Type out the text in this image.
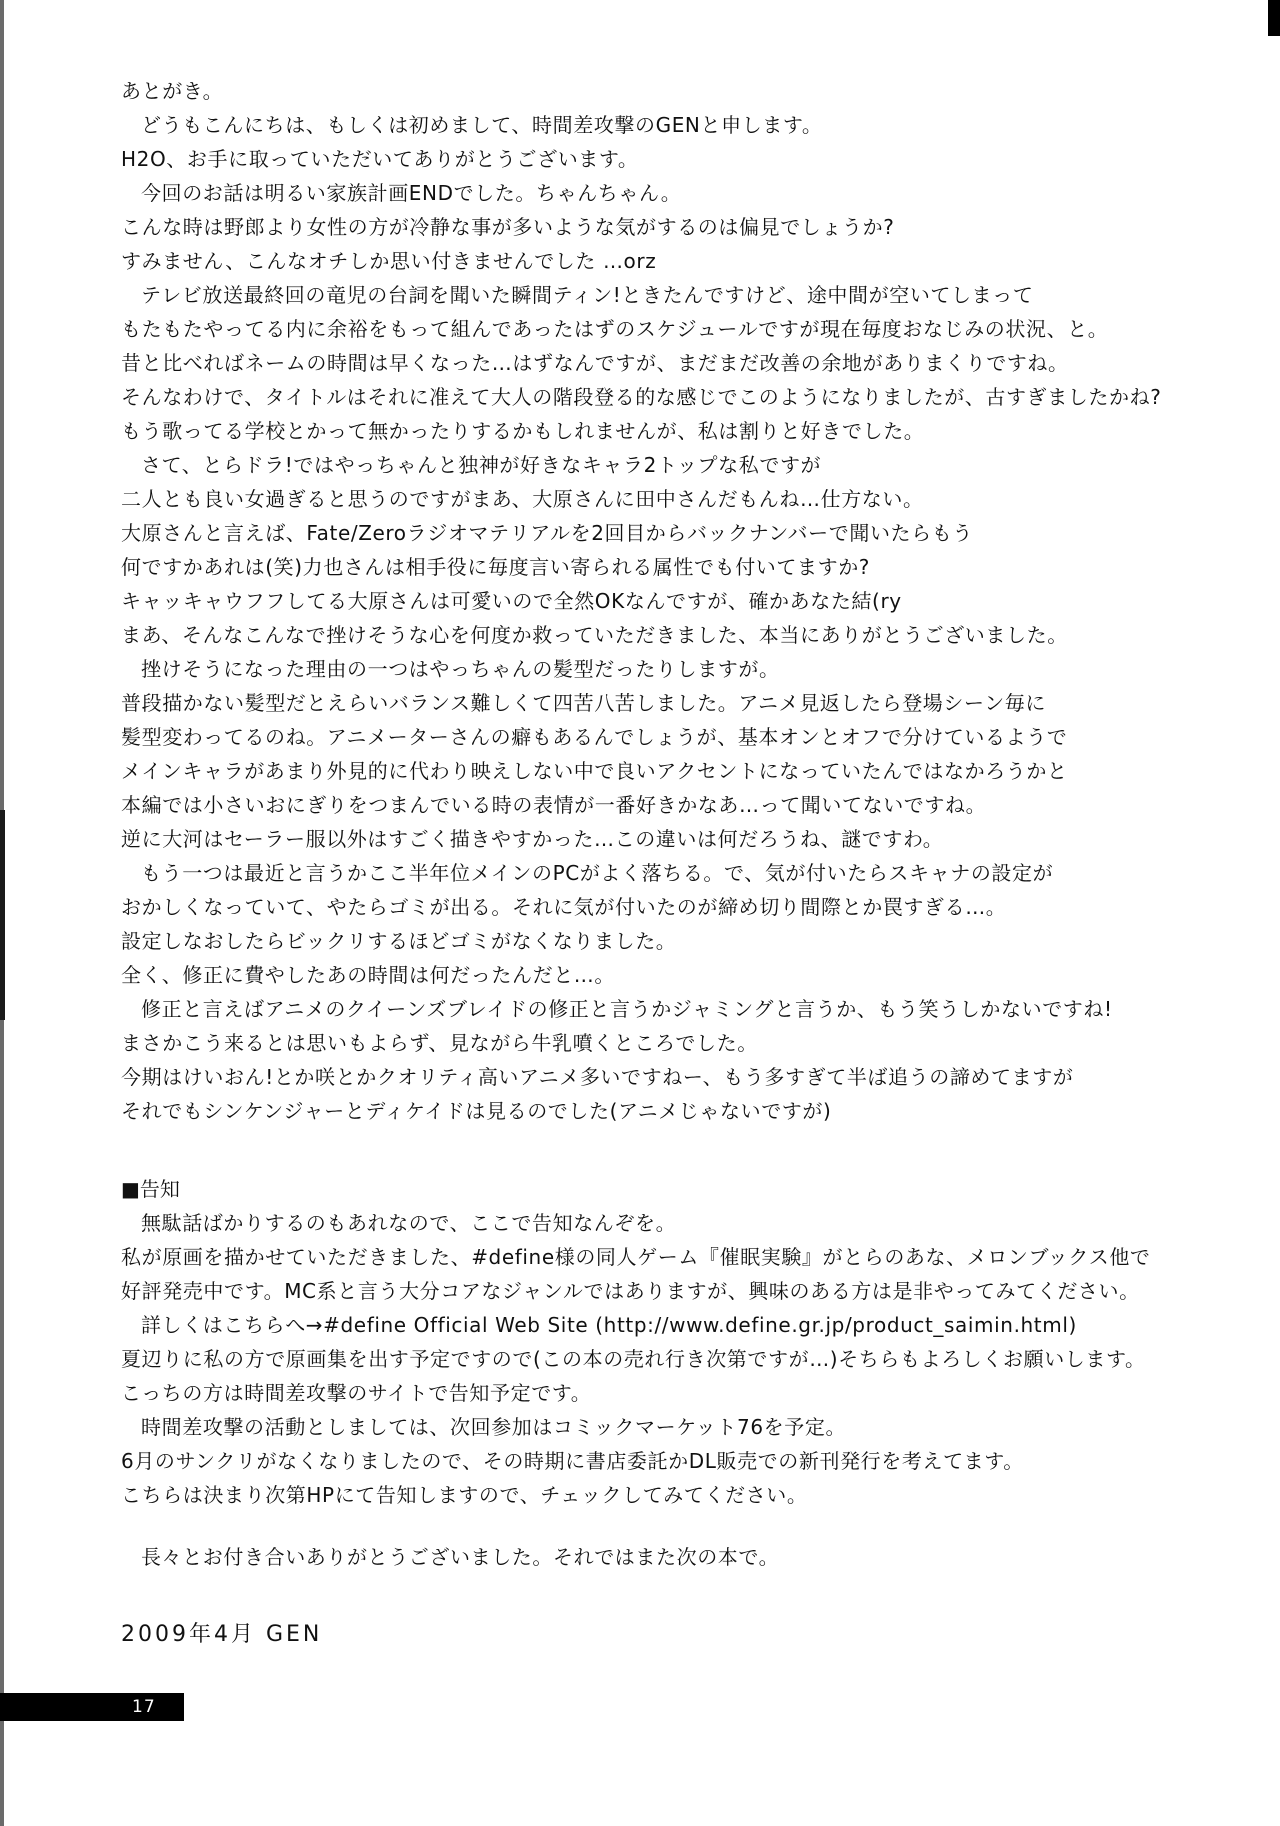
あとがき。
どうもこんにちは、もしくは初めまして、時間差攻撃のGENと申します。
H2O、お手に取っていただいてありがとうございます。
今回のお話は明るい家族計画ENDでした。ちゃんちゃん。
こんな時は野郎より女性の方が冷静な事が多いような気がするのは偏見でしょうか?
すみません、こんなオチしか思い付きませんでした …orz
テレビ放送最終回の竜児の台詞を聞いた瞬間ティン!ときたんですけど、途中間が空いてしまって
もたもたやってる内に余裕をもって組んであったはずのスケジュールですが現在毎度おなじみの状況、と。
昔と比べればネームの時間は早くなった…はずなんですが、まだまだ改善の余地がありまくりですね。
そんなわけで、タイトルはそれに准えて大人の階段登る的な感じでこのようになりましたが、古すぎましたかね?
もう歌ってる学校とかって無かったりするかもしれませんが、私は割りと好きでした。
さて、とらドラ!ではやっちゃんと独神が好きなキャラ2トップな私ですが
二人とも良い女過ぎると思うのですがまあ、大原さんに田中さんだもんね…仕方ない。
大原さんと言えば、Fate/Zeroラジオマテリアルを2回目からバックナンバーで聞いたらもう
何ですかあれは(笑)力也さんは相手役に毎度言い寄られる属性でも付いてますか?
キャッキャウフフしてる大原さんは可愛いので全然OKなんですが、確かあなた結(ry
まあ、そんなこんなで挫けそうな心を何度か救っていただきました、本当にありがとうございました。
挫けそうになった理由の一つはやっちゃんの髪型だったりしますが。
普段描かない髪型だとえらいバランス難しくて四苦八苦しました。アニメ見返したら登場シーン毎に
髪型変わってるのね。アニメーターさんの癖もあるんでしょうが、基本オンとオフで分けているようで
メインキャラがあまり外見的に代わり映えしない中で良いアクセントになっていたんではなかろうかと
本編では小さいおにぎりをつまんでいる時の表情が一番好きかなあ…って聞いてないですね。
逆に大河はセーラー服以外はすごく描きやすかった…この違いは何だろうね、謎ですわ。
もう一つは最近と言うかここ半年位メインのPCがよく落ちる。で、気が付いたらスキャナの設定が
おかしくなっていて、やたらゴミが出る。それに気が付いたのが締め切り間際とか罠すぎる…。
設定しなおしたらビックリするほどゴミがなくなりました。
全く、修正に費やしたあの時間は何だったんだと…。
修正と言えばアニメのクイーンズブレイドの修正と言うかジャミングと言うか、もう笑うしかないですね!
まさかこう来るとは思いもよらず、見ながら牛乳噴くところでした。
今期はけいおん!とか咲とかクオリティ高いアニメ多いですねー、もう多すぎて半ば追うの諦めてますが
それでもシンケンジャーとディケイドは見るのでした(アニメじゃないですが)
■告知
無駄話ばかりするのもあれなので、ここで告知なんぞを。
私が原画を描かせていただきました、#define様の同人ゲーム『催眠実験』がとらのあな、メロンブックス他で
好評発売中です。MC系と言う大分コアなジャンルではありますが、興味のある方は是非やってみてください。
詳しくはこちらへ→#define Official Web Site (http://www.define.gr.jp/product_saimin.html)
夏辺りに私の方で原画集を出す予定ですので(この本の売れ行き次第ですが…)そちらもよろしくお願いします。
こっちの方は時間差攻撃のサイトで告知予定です。
時間差攻撃の活動としましては、次回参加はコミックマーケット76を予定。
6月のサンクリがなくなりましたので、その時期に書店委託かDL販売での新刊発行を考えてます。
こちらは決まり次第HPにて告知しますので、チェックしてみてください。
長々とお付き合いありがとうございました。それではまた次の本で。
2009年4月 GEN
17
